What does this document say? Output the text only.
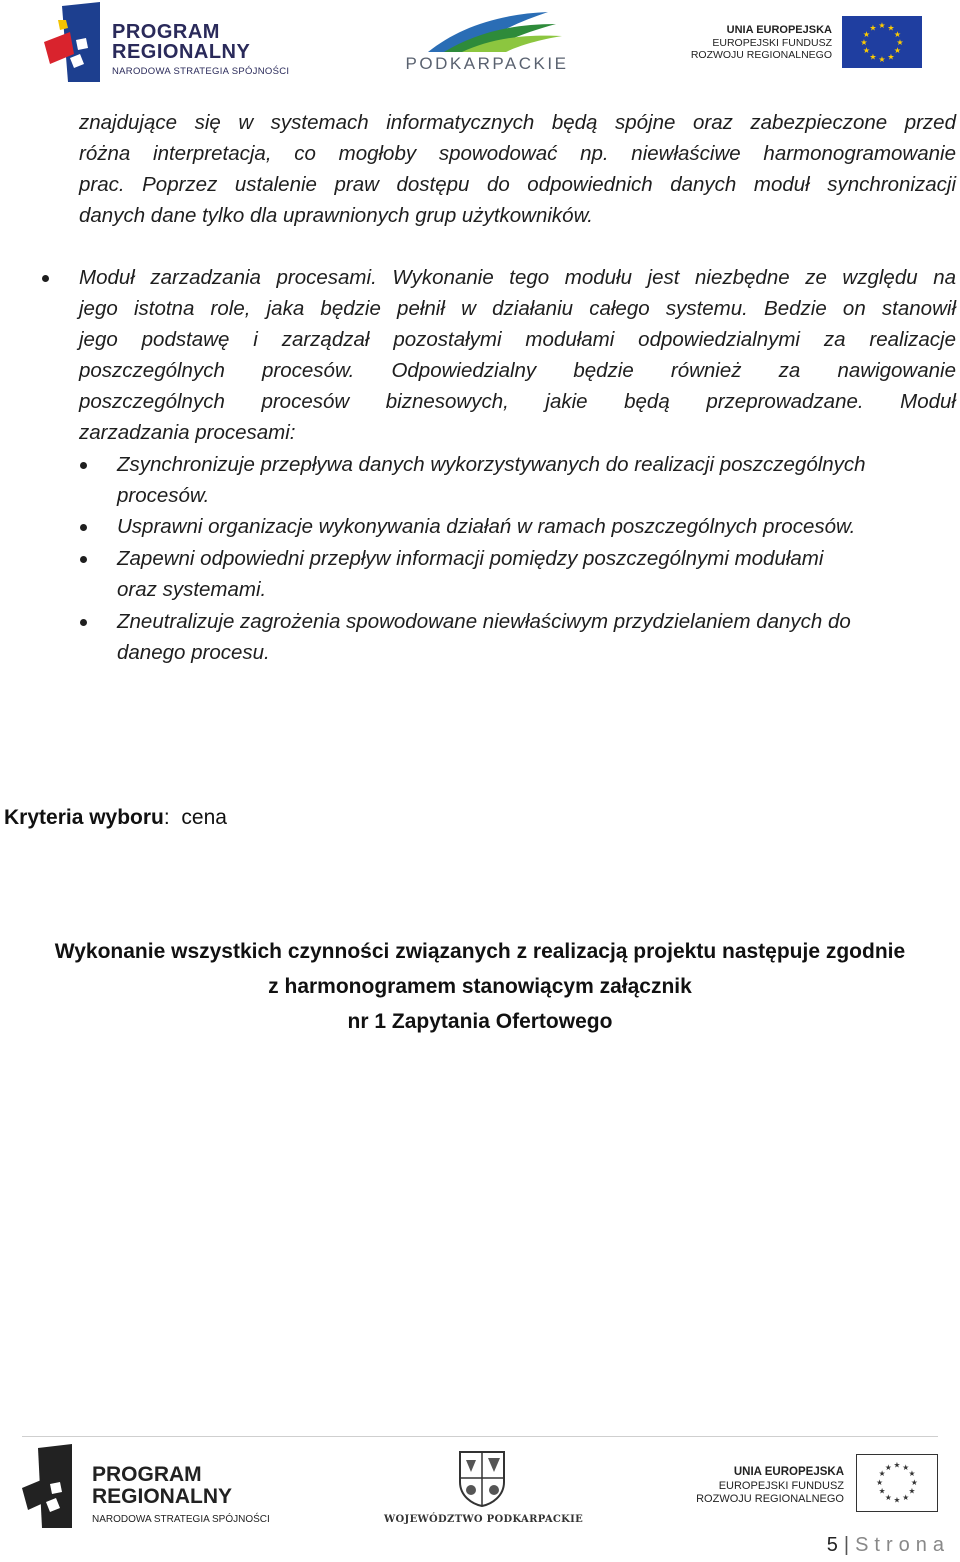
PROGRAM
REGIONALNY
NARODOWA STRATEGIA SPÓJNOŚCI	PODKARPACKIE
UNIA EUROPEJSKA
EUROPEJSKI FUNDUSZ
ROZWOJU REGIONALNEGO
★ ★
★
★
★
★
★
★
★
★
★
★
znajdujące się w systemach informatycznych będą spójne oraz zabezpieczone przed
różna interpretacja, co mogłoby spowodować np. niewłaściwe harmonogramowanie
prac. Poprzez ustalenie praw dostępu do odpowiednich danych moduł synchronizacji
danych dane tylko dla uprawnionych grup użytkowników.
Moduł zarzadzania procesami. Wykonanie tego modułu jest niezbędne ze względu na
jego istotna role, jaka będzie pełnił w działaniu całego systemu. Bedzie on stanowił
jego podstawę i zarządzał pozostałymi modułami odpowiedzialnymi za realizacje
poszczególnych procesów. Odpowiedzialny będzie również za nawigowanie
poszczególnych procesów biznesowych, jakie będą przeprowadzane. Moduł
zarzadzania procesami:
Zsynchronizuje przepływa danych wykorzystywanych do realizacji poszczególnych
procesów.
Usprawni organizacje wykonywania działań w ramach poszczególnych procesów.
Zapewni odpowiedni przepływ informacji pomiędzy poszczególnymi modułami
oraz systemami.
Zneutralizuje zagrożenia spowodowane niewłaściwym przydzielaniem danych do
danego procesu.
Kryteria wyboru: cena
Wykonanie wszystkich czynności związanych z realizacją projektu następuje zgodnie
z harmonogramem stanowiącym załącznik
nr 1 Zapytania Ofertowego
PROGRAM
REGIONALNY
NARODOWA STRATEGIA SPÓJNOŚCI	WOJEWÓDZTWO PODKARPACKIE
UNIA EUROPEJSKA
EUROPEJSKI FUNDUSZ
ROZWOJU REGIONALNEGO
★ ★
★
★
★
★
★
★
★
★
★
★
5 | Strona
